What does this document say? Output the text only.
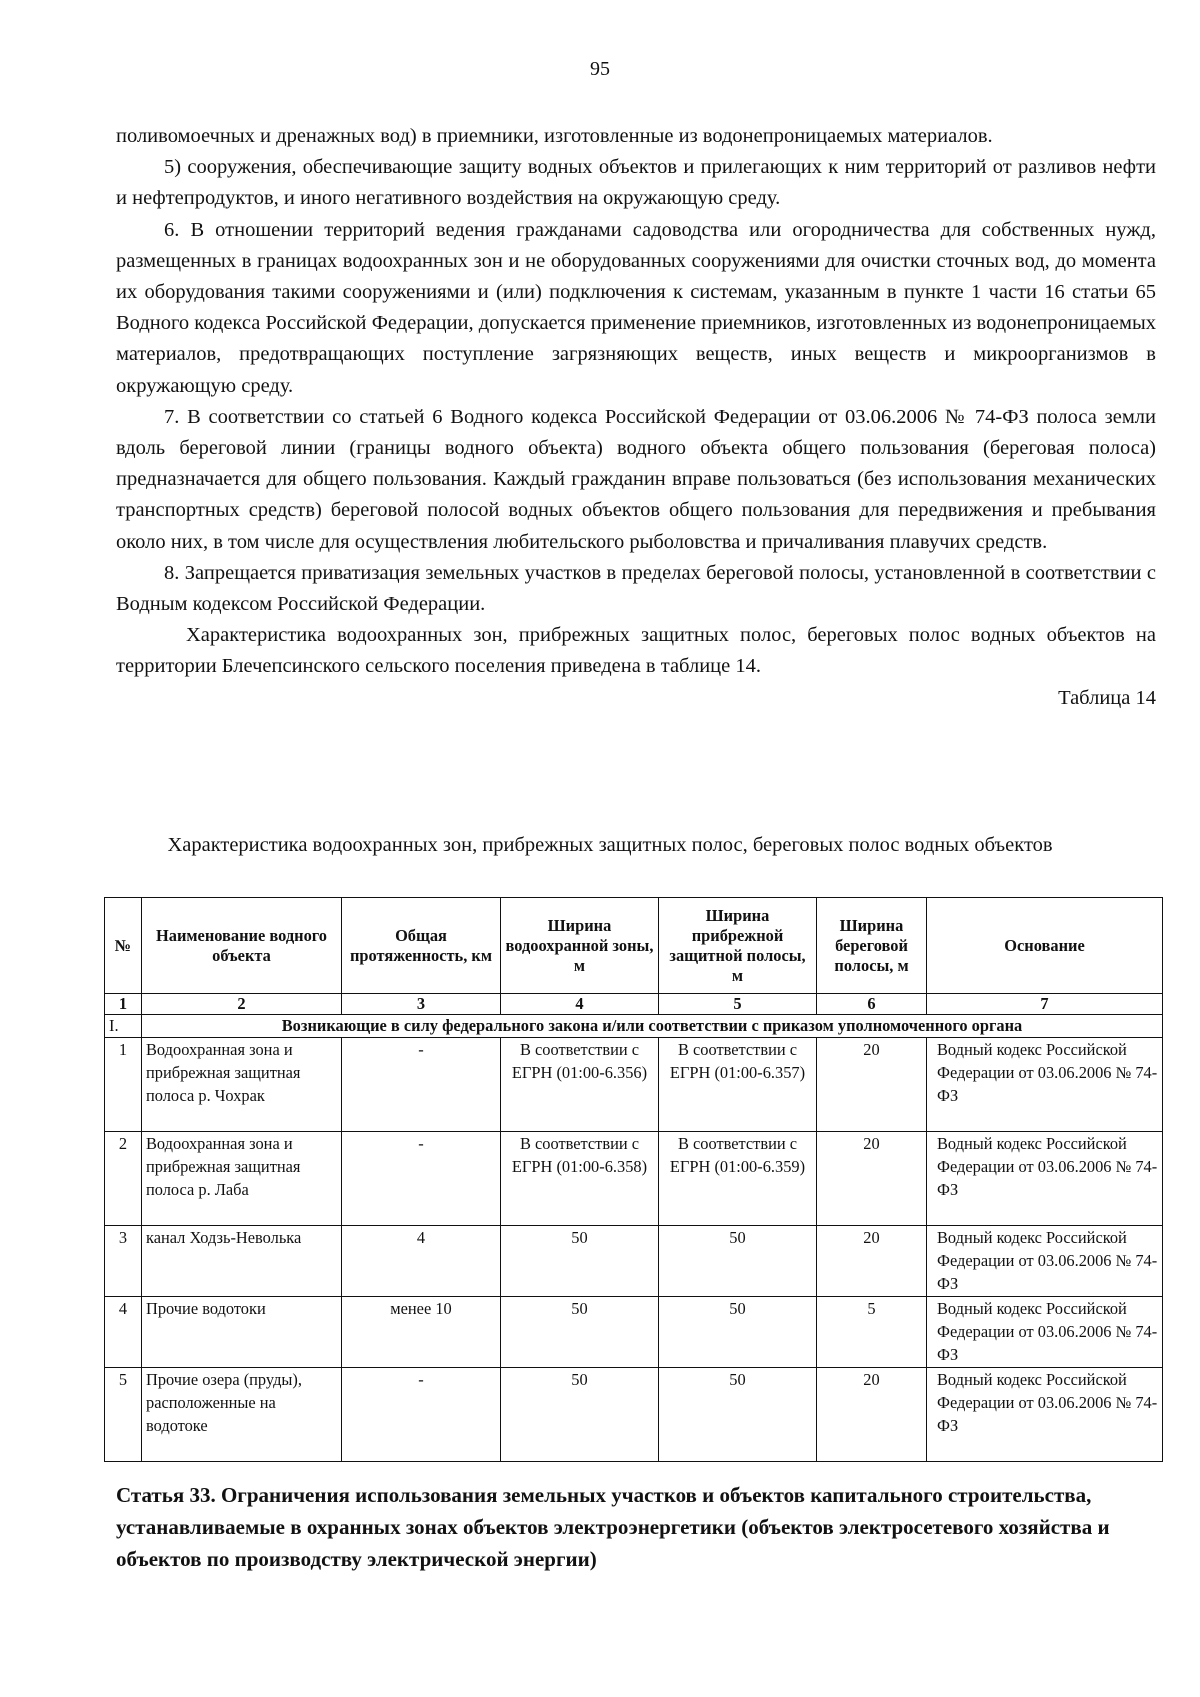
95

поливомоечных и дренажных вод) в приемники, изготовленные из водонепроницаемых материалов.

5) сооружения, обеспечивающие защиту водных объектов и прилегающих к ним территорий от разливов нефти и нефтепродуктов, и иного негативного воздействия на окружающую среду.

6. В отношении территорий ведения гражданами садоводства или огородничества для собственных нужд, размещенных в границах водоохранных зон и не оборудованных сооружениями для очистки сточных вод, до момента их оборудования такими сооружениями и (или) подключения к системам, указанным в пункте 1 части 16 статьи 65 Водного кодекса Российской Федерации, допускается применение приемников, изготовленных из водонепроницаемых материалов, предотвращающих поступление загрязняющих веществ, иных веществ и микроорганизмов в окружающую среду.

7. В соответствии со статьей 6 Водного кодекса Российской Федерации от 03.06.2006 № 74-ФЗ полоса земли вдоль береговой линии (границы водного объекта) водного объекта общего пользования (береговая полоса) предназначается для общего пользования. Каждый гражданин вправе пользоваться (без использования механических транспортных средств) береговой полосой водных объектов общего пользования для передвижения и пребывания около них, в том числе для осуществления любительского рыболовства и причаливания плавучих средств.

8. Запрещается приватизация земельных участков в пределах береговой полосы, установленной в соответствии с Водным кодексом Российской Федерации.

Характеристика водоохранных зон, прибрежных защитных полос, береговых полос водных объектов на территории Блечепсинского сельского поселения приведена в таблице 14.

Таблица 14

Характеристика водоохранных зон, прибрежных защитных полос, береговых полос водных объектов
№	Наименование водного объекта	Общая протяженность, км	Ширина водоохранной зоны, м	Ширина прибрежной защитной полосы, м	Ширина береговой полосы, м	Основание
1	2	3	4	5	6	7
I.	Возникающие в силу федерального закона и/или соответствии с приказом уполномоченного органа					
1	Водоохранная зона и прибрежная защитная полоса р. Чохрак	-	В соответствии с ЕГРН (01:00-6.356)	В соответствии с ЕГРН (01:00-6.357)	20	Водный кодекс Российской Федерации от 03.06.2006 № 74-ФЗ
2	Водоохранная зона и прибрежная защитная полоса р. Лаба	-	В соответствии с ЕГРН (01:00-6.358)	В соответствии с ЕГРН (01:00-6.359)	20	Водный кодекс Российской Федерации от 03.06.2006 № 74-ФЗ
3	канал Ходзь-Неволька	4	50	50	20	Водный кодекс Российской Федерации от 03.06.2006 № 74-ФЗ
4	Прочие водотоки	менее 10	50	50	5	Водный кодекс Российской Федерации от 03.06.2006 № 74-ФЗ
5	Прочие озера (пруды), расположенные на водотоке	-	50	50	20	Водный кодекс Российской Федерации от 03.06.2006 № 74-ФЗ
Статья 33. Ограничения использования земельных участков и объектов капитального строительства, устанавливаемые в охранных зонах объектов электроэнергетики (объектов электросетевого хозяйства и объектов по производству электрической энергии)
